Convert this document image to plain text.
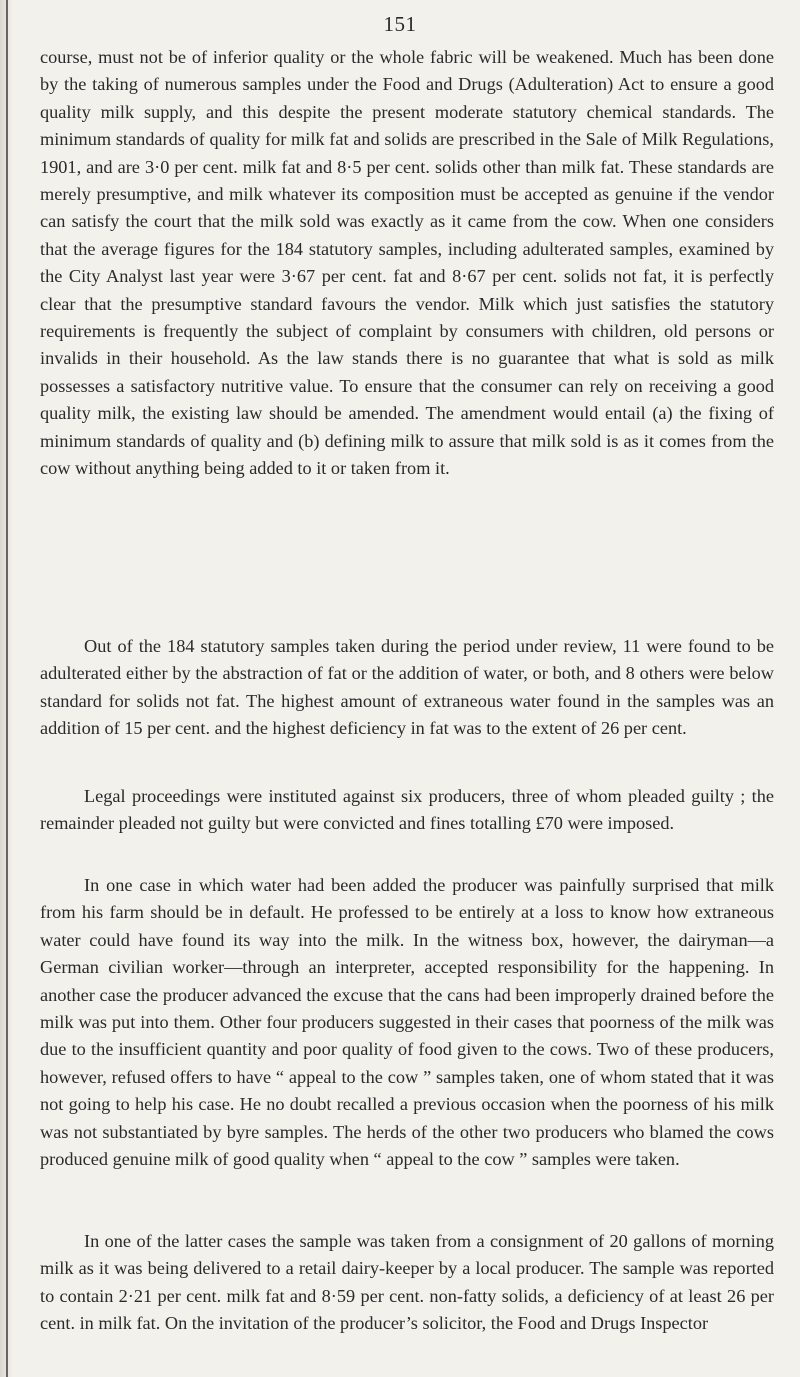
151

course, must not be of inferior quality or the whole fabric will be weakened. Much has been done by the taking of numerous samples under the Food and Drugs (Adulteration) Act to ensure a good quality milk supply, and this despite the present moderate statutory chemical standards. The minimum standards of quality for milk fat and solids are prescribed in the Sale of Milk Regulations, 1901, and are 3·0 per cent. milk fat and 8·5 per cent. solids other than milk fat. These standards are merely presumptive, and milk whatever its composition must be accepted as genuine if the vendor can satisfy the court that the milk sold was exactly as it came from the cow. When one considers that the average figures for the 184 statutory samples, including adulterated samples, examined by the City Analyst last year were 3·67 per cent. fat and 8·67 per cent. solids not fat, it is perfectly clear that the presumptive standard favours the vendor. Milk which just satisfies the statutory requirements is frequently the subject of complaint by consumers with children, old persons or invalids in their household. As the law stands there is no guarantee that what is sold as milk possesses a satisfactory nutritive value. To ensure that the consumer can rely on receiving a good quality milk, the existing law should be amended. The amendment would entail (a) the fixing of minimum standards of quality and (b) defining milk to assure that milk sold is as it comes from the cow without anything being added to it or taken from it.

Out of the 184 statutory samples taken during the period under review, 11 were found to be adulterated either by the abstraction of fat or the addition of water, or both, and 8 others were below standard for solids not fat. The highest amount of extraneous water found in the samples was an addition of 15 per cent. and the highest deficiency in fat was to the extent of 26 per cent.

Legal proceedings were instituted against six producers, three of whom pleaded guilty ; the remainder pleaded not guilty but were convicted and fines totalling £70 were imposed.

In one case in which water had been added the producer was painfully surprised that milk from his farm should be in default. He professed to be entirely at a loss to know how extraneous water could have found its way into the milk. In the witness box, however, the dairyman—a German civilian worker—through an interpreter, accepted responsibility for the happening. In another case the producer advanced the excuse that the cans had been improperly drained before the milk was put into them. Other four producers suggested in their cases that poorness of the milk was due to the insufficient quantity and poor quality of food given to the cows. Two of these producers, however, refused offers to have “ appeal to the cow ” samples taken, one of whom stated that it was not going to help his case. He no doubt recalled a previous occasion when the poorness of his milk was not substantiated by byre samples. The herds of the other two producers who blamed the cows produced genuine milk of good quality when “ appeal to the cow ” samples were taken.

In one of the latter cases the sample was taken from a consignment of 20 gallons of morning milk as it was being delivered to a retail dairy-keeper by a local producer. The sample was reported to contain 2·21 per cent. milk fat and 8·59 per cent. non-fatty solids, a deficiency of at least 26 per cent. in milk fat. On the invitation of the producer’s solicitor, the Food and Drugs Inspector
